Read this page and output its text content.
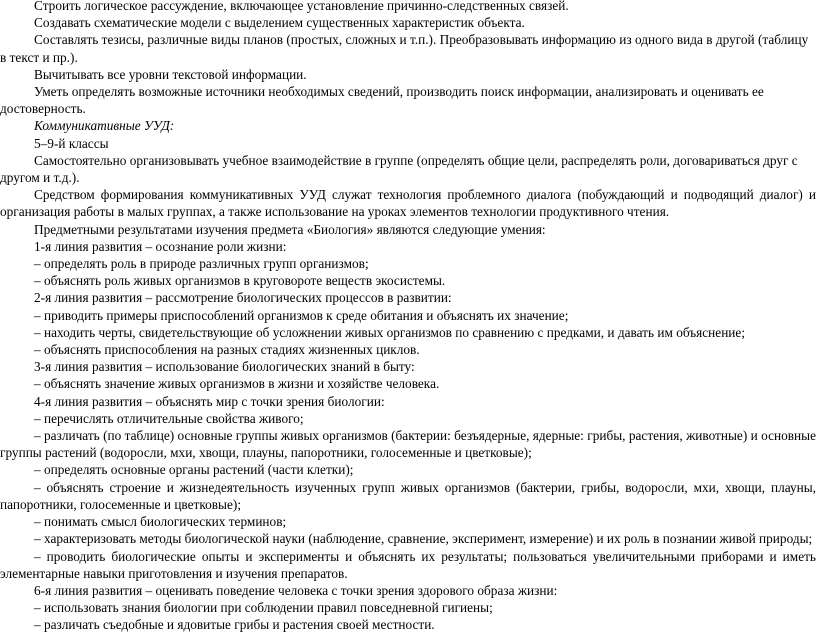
Строить логическое рассуждение, включающее установление причинно-следственных связей.

Создавать схематические модели с выделением существенных характеристик объекта.

Составлять тезисы, различные виды планов (простых, сложных и т.п.). Преобразовывать информацию из одного вида в другой (таблицу в текст и пр.).

Вычитывать все уровни текстовой информации.

Уметь определять возможные источники необходимых сведений, производить поиск информации, анализировать и оценивать ее достоверность.

Коммуникативные УУД:

5–9-й классы

Самостоятельно организовывать учебное взаимодействие в группе (определять общие цели, распределять роли, договариваться друг с другом и т.д.).

Средством формирования коммуникативных УУД служат технология проблемного диалога (побуждающий и подводящий диалог) и организация работы в малых группах, а также использование на уроках элементов технологии продуктивного чтения.

Предметными результатами изучения предмета «Биология» являются следующие умения:

1-я линия развития – осознание роли жизни:

– определять роль в природе различных групп организмов;

– объяснять роль живых организмов в круговороте веществ экосистемы.

2-я линия развития – рассмотрение биологических процессов в развитии:

– приводить примеры приспособлений организмов к среде обитания и объяснять их значение;

– находить черты, свидетельствующие об усложнении живых организмов по сравнению с предками, и давать им объяснение;

– объяснять приспособления на разных стадиях жизненных циклов.

3-я линия развития – использование биологических знаний в быту:

– объяснять значение живых организмов в жизни и хозяйстве человека.

4-я линия развития – объяснять мир с точки зрения биологии:

– перечислять отличительные свойства живого;

– различать (по таблице) основные группы живых организмов (бактерии: безъядерные, ядерные: грибы, растения, животные) и основные группы растений (водоросли, мхи, хвощи, плауны, папоротники, голосеменные и цветковые);

– определять основные органы растений (части клетки);

– объяснять строение и жизнедеятельность изученных групп живых организмов (бактерии, грибы, водоросли, мхи, хвощи, плауны, папоротники, голосеменные и цветковые);

– понимать смысл биологических терминов;

– характеризовать методы биологической науки (наблюдение, сравнение, эксперимент, измерение) и их роль в познании живой природы;

– проводить биологические опыты и эксперименты и объяснять их результаты; пользоваться увеличительными приборами и иметь элементарные навыки приготовления и изучения препаратов.

6-я линия развития – оценивать поведение человека с точки зрения здорового образа жизни:

– использовать знания биологии при соблюдении правил повседневной гигиены;

– различать съедобные и ядовитые грибы и растения своей местности.
